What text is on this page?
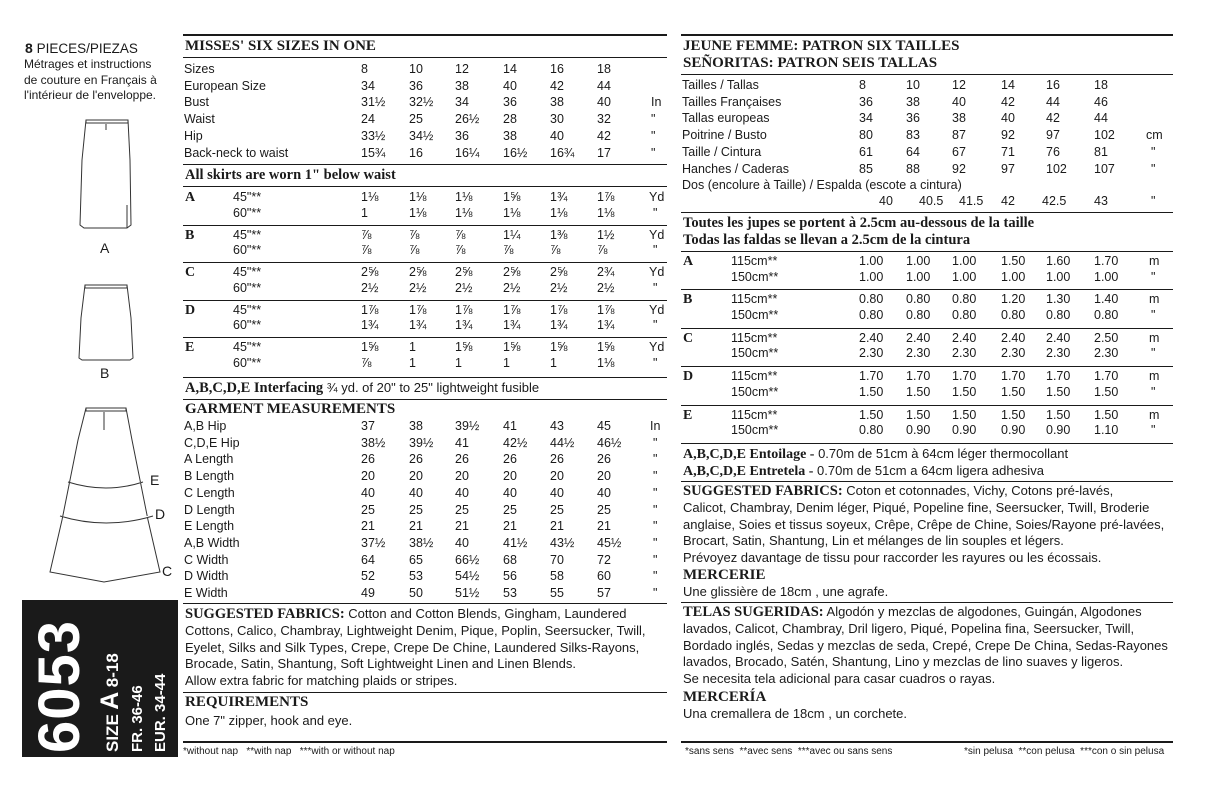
8 PIECES/PIEZAS
Métrages et instructions
de couture en Français à
l'intérieur de l'enveloppe.
A
B
E
D
C
6053 SIZE A 8-18
FR. 36-46 EUR. 34-44
MISSES' SIX SIZES IN ONE
Sizes	8	10	12	14	16	18
European Size	34	36	38	40	42	44
Bust	31½ 32½ 34	36	38	40	In
Waist	24	25	26½ 28	30	32	"
Hip	33½ 34½ 36	38	40	42	"
Back-neck to waist	15¾ 16	16¼ 16½ 16¾ 17	"
All skirts are worn 1" below waist
A	45"**	1⅛ 1⅛ 1⅛ 1⅝ 1¾ 1⅞	Yd
60"**	1	1⅛ 1⅛ 1⅛ 1⅛ 1⅛	"
B	45"**	⅞	⅞	⅞	1¼ 1⅜ 1½	Yd
60"**	⅞	⅞	⅞	⅞	⅞	⅞	"
C	45"**	2⅝ 2⅝ 2⅝ 2⅝ 2⅝ 2¾	Yd
60"**	2½ 2½ 2½ 2½ 2½ 2½	"
D	45"**	1⅞ 1⅞ 1⅞ 1⅞ 1⅞ 1⅞	Yd
60"**	1¾ 1¾ 1¾ 1¾ 1¾ 1¾	"
E	45"**	1⅝ 1	1⅝ 1⅝ 1⅝ 1⅝	Yd
60"**	⅞	1	1	1	1	1⅛	"
A,B,C,D,E Interfacing ¾ yd. of 20" to 25" lightweight fusible
GARMENT MEASUREMENTS
A,B Hip	37	38	39½ 41	43	45	In
C,D,E Hip	38½ 39½ 41	42½ 44½ 46½	"
A Length	26	26	26	26	26	26	"
B Length	20	20	20	20	20	20	"
C Length	40	40	40	40	40	40	"
D Length	25	25	25	25	25	25	"
E Length	21	21	21	21	21	21	"
A,B Width	37½ 38½ 40	41½ 43½ 45½	"
C Width	64	65	66½ 68	70	72	"
D Width	52	53	54½ 56	58	60	"
E Width	49	50	51½ 53	55	57	"
SUGGESTED FABRICS: Cotton and Cotton Blends, Gingham, Laundered
Cottons, Calico, Chambray, Lightweight Denim, Pique, Poplin, Seersucker, Twill,
Eyelet, Silks and Silk Types, Crepe, Crepe De Chine, Laundered Silks-Rayons,
Brocade, Satin, Shantung, Soft Lightweight Linen and Linen Blends.
Allow extra fabric for matching plaids or stripes.
REQUIREMENTS
One 7" zipper, hook and eye.
*without nap   **with nap   ***with or without nap
JEUNE FEMME: PATRON SIX TAILLES
SEÑORITAS: PATRON SEIS TALLAS
Tailles / Tallas	8	10	12	14 16	18
Tailles Françaises	36	38	40	42 44	46
Tallas europeas	34	36	38	40 42	44
Poitrine / Busto	80	83	87	92 97	102 cm
Taille / Cintura	61	64	67	71 76	81	"
Hanches / Caderas	85	88	92	97 102 107	"
Dos (encolure à Taille) / Espalda (escote a cintura)
40 40.5 41.5 42 42.5 43	"
Toutes les jupes se portent à 2.5cm au-dessous de la taille
Todas las faldas se llevan a 2.5cm de la cintura
A	115cm**	1.00 1.00 1.00 1.50 1.60 1.70 m
150cm**	1.00 1.00 1.00 1.00 1.00 1.00	"
B	115cm**	0.80 0.80 0.80 1.20 1.30 1.40 m
150cm**	0.80 0.80 0.80 0.80 0.80 0.80	"
C	115cm**	2.40 2.40 2.40 2.40 2.40 2.50 m
150cm**	2.30 2.30 2.30 2.30 2.30 2.30	"
D	115cm**	1.70 1.70 1.70 1.70 1.70 1.70 m
150cm**	1.50 1.50 1.50 1.50 1.50 1.50	"
E	115cm**	1.50 1.50 1.50 1.50 1.50 1.50 m
150cm**	0.80 0.90 0.90 0.90 0.90 1.10	"
A,B,C,D,E Entoilage - 0.70m de 51cm à 64cm léger thermocollant
A,B,C,D,E Entretela - 0.70m de 51cm a 64cm ligera adhesiva
SUGGESTED FABRICS: Coton et cotonnades, Vichy, Cotons pré-lavés,
Calicot, Chambray, Denim léger, Piqué, Popeline fine, Seersucker, Twill, Broderie
anglaise, Soies et tissus soyeux, Crêpe, Crêpe de Chine, Soies/Rayone pré-lavées,
Brocart, Satin, Shantung, Lin et mélanges de lin souples et légers.
Prévoyez davantage de tissu pour raccorder les rayures ou les écossais.
MERCERIE
Une glissière de 18cm , une agrafe.
TELAS SUGERIDAS: Algodón y mezclas de algodones, Guingán, Algodones
lavados, Calicot, Chambray, Dril ligero, Piqué, Popelina fina, Seersucker, Twill,
Bordado inglés, Sedas y mezclas de seda, Crepé, Crepe De China, Sedas-Rayones
lavados, Brocado, Satén, Shantung, Lino y mezclas de lino suaves y ligeros.
Se necesita tela adicional para casar cuadros o rayas.
MERCERÍA
Una cremallera de 18cm , un corchete.
*sans sens  **avec sens  ***avec ou sans sens	*sin pelusa  **con pelusa  ***con o sin pelusa
